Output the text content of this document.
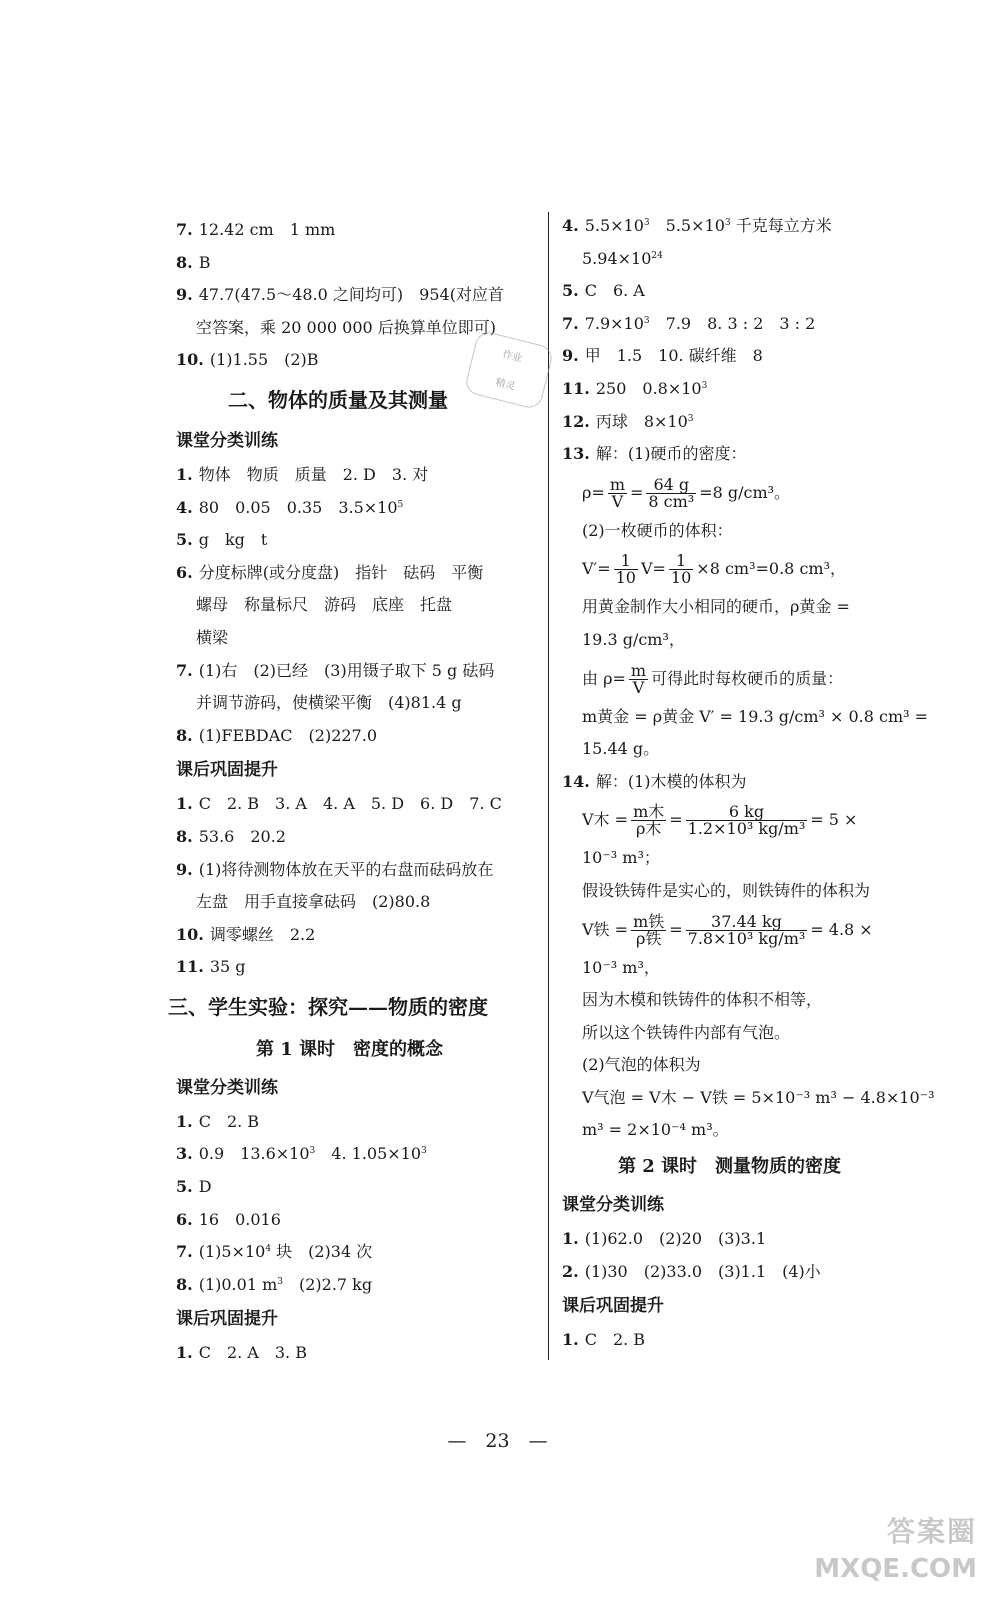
7. 12.42 cm　1 mm
8. B
9. 47.7(47.5～48.0 之间均可)　954(对应首
空答案，乘 20 000 000 后换算单位即可)
10. (1)1.55　(2)B
二、物体的质量及其测量
课堂分类训练
1. 物体　物质　质量　2. D　3. 对
4. 80　0.05　0.35　$3.5\times 10^5$
5. g　kg　t
6. 分度标牌(或分度盘)　指针　砝码　平衡
螺母　称量标尺　游码　底座　托盘
横梁
7. (1)右　(2)已经　(3)用镊子取下 5 g 砝码
并调节游码，使横梁平衡　(4)81.4 g
8. (1)FEBDAC　(2)227.0
课后巩固提升
1. C　2. B　3. A　4. A　5. D　6. D　7. C
8. 53.6　20.2
9. (1)将待测物体放在天平的右盘而砝码放在
左盘　用手直接拿砝码　(2)80.8
10. 调零螺丝　2.2
11. 35 g
三、学生实验：探究——物质的密度
第 1 课时　密度的概念
课堂分类训练
1. C　2. B
3. 0.9　$13.6\times 10^3$　4. $1.05\times 10^3$
5. D
6. 16　0.016
7. $(1)5\times 10^4$ 块　(2)34 次
8. (1)0.01 $m^3$　(2)2.7 kg
课后巩固提升
1. C　2. A　3. B
4. $5.5\times 10^3$　$5.5\times 10^3$ 千克每立方米
$5.94\times 10^{24}$
5. C　6. A
7. $7.9\times 10^3$　7.9　8. 3 : 2　3 : 2
9. 甲　1.5　10. 碳纤维　8
11. 250　$0.8\times 10^3$
12. 丙球　$8\times 10^3$
13. 解：(1)硬币的密度：
$\rho= \frac{m}{V} = \frac{64 g}{\text{8 cm³}} =8$ g/cm³。
(2)一枚硬币的体积：
$V'= \frac{1}{10} V= \frac{1}{10} \times 8$ cm³=0.8 cm³，
用黄金制作大小相同的硬币，ρ黄金 =
19.3 g/cm³，
由 $\rho= \frac{m}{V}$ 可得此时每枚硬币的质量：
m黄金 = ρ黄金 V′ = 19.3 g/cm³ × 0.8 cm³ =
15.44 g。
14. 解：(1)木模的体积为
V木 = $\frac{\text{m木}}{\text{ρ木}} = \frac{6 kg}{\text{1.2×10³ kg/m³}} = 5$ ×
10⁻³ m³；
假设铁铸件是实心的，则铁铸件的体积为
V铁 = $\frac{\text{m铁}}{\text{ρ铁}} = \frac{37.44 kg}{\text{7.8×10³ kg/m³}} = 4.8$ ×
10⁻³ m³，
因为木模和铁铸件的体积不相等，
所以这个铁铸件内部有气泡。
(2)气泡的体积为
V气泡 = V木 − V铁 = 5×10⁻³ m³ − 4.8×10⁻³
m³ = 2×10⁻⁴ m³。
第 2 课时　测量物质的密度
课堂分类训练
1. (1)62.0　(2)20　(3)3.1
2. (1)30　(2)33.0　(3)1.1　(4)小
课后巩固提升
1. C　2. B
作业
精灵
—　23　—
答案圈
MXQE.COM
